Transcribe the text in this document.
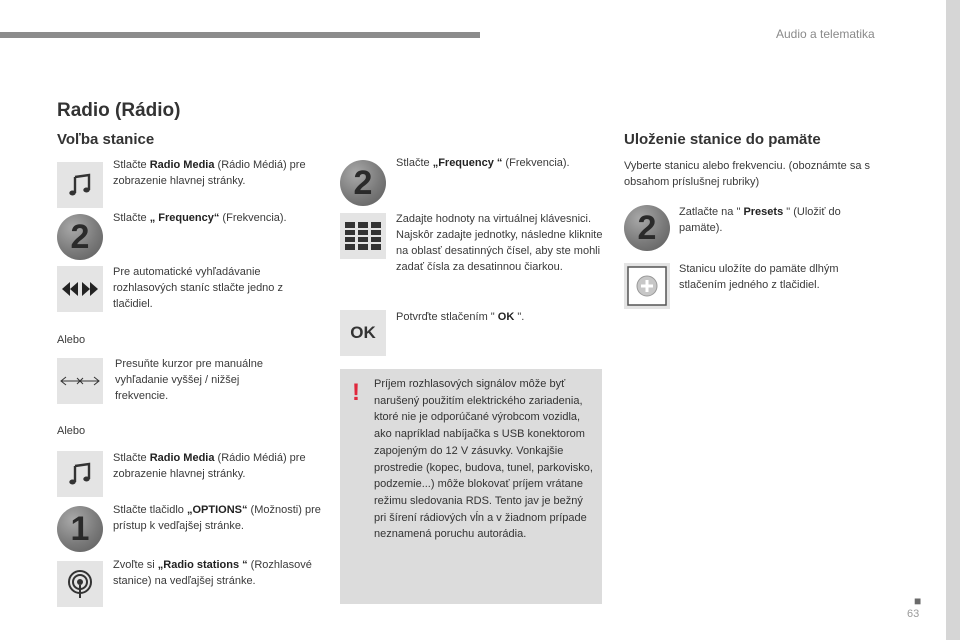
Audio a telematika
■
63
Radio (Rádio)
Voľba stanice
Stlačte Radio Media (Rádio Médiá) pre zobrazenie hlavnej stránky.
2 Stlačte „ Frequency“ (Frekvencia).
Pre automatické vyhľadávanie rozhlasových staníc stlačte jedno z tlačidiel.
Alebo
Presuňte kurzor pre manuálne vyhľadanie vyššej / nižšej frekvencie.
Alebo
Stlačte Radio Media (Rádio Médiá) pre zobrazenie hlavnej stránky.
1 Stlačte tlačidlo „OPTIONS“ (Možnosti) pre prístup k vedľajšej stránke.
Zvoľte si „Radio stations “ (Rozhlasové stanice) na vedľajšej stránke.
2
Stlačte „Frequency “ (Frekvencia).
Zadajte hodnoty na virtuálnej klávesnici. Najskôr zadajte jednotky, následne kliknite na oblasť desatinných čísel, aby ste mohli zadať čísla za desatinnou čiarkou.
OK
Potvrďte stlačením " OK ".
! Príjem rozhlasových signálov môže byť narušený použitím elektrického zariadenia, ktoré nie je odporúčané výrobcom vozidla, ako napríklad nabíjačka s USB konektorom zapojeným do 12 V zásuvky. Vonkajšie prostredie (kopec, budova, tunel, parkovisko, podzemie...) môže blokovať príjem vrátane režimu sledovania RDS. Tento jav je bežný pri šírení rádiových vĺn a v žiadnom prípade neznamená poruchu autorádia.
Uloženie stanice do pamäte
Vyberte stanicu alebo frekvenciu. (oboznámte sa s obsahom príslušnej rubriky)
2 Zatlačte na " Presets " (Uložiť do pamäte).
Stanicu uložíte do pamäte dlhým stlačením jedného z tlačidiel.
